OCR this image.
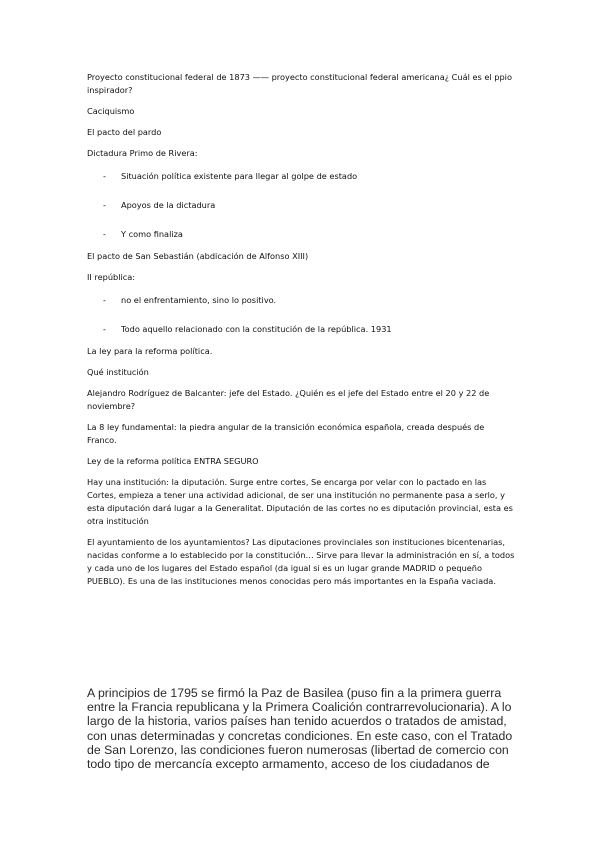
Proyecto constitucional federal de 1873 —— proyecto constitucional federal americana¿ Cuál es el ppio inspirador?

Caciquismo

El pacto del pardo

Dictadura Primo de Rivera:

- Situación política existente para llegar al golpe de estado
- Apoyos de la dictadura
- Y como finaliza

El pacto de San Sebastián (abdicación de Alfonso XIII)

II república:

- no el enfrentamiento, sino lo positivo.
- Todo aquello relacionado con la constitución de la república. 1931

La ley para la reforma política.

Qué institución

Alejandro Rodríguez de Balcanter: jefe del Estado. ¿Quién es el jefe del Estado entre el 20 y 22 de noviembre?

La 8 ley fundamental: la piedra angular de la transición económica española, creada después de Franco.

Ley de la reforma política ENTRA SEGURO

Hay una institución: la diputación. Surge entre cortes, Se encarga por velar con lo pactado en las Cortes, empieza a tener una actividad adicional, de ser una institución no permanente pasa a serlo, y esta diputación dará lugar a la Generalitat. Diputación de las cortes no es diputación provincial, esta es otra institución

El ayuntamiento de los ayuntamientos? Las diputaciones provinciales son instituciones bicentenarias, nacidas conforme a lo establecido por la constitución… Sirve para llevar la administración en sí, a todos y cada uno de los lugares del Estado español (da igual si es un lugar grande MADRID o pequeño PUEBLO). Es una de las instituciones menos conocidas pero más importantes en la España vaciada.

A principios de 1795 se firmó la Paz de Basilea (puso fin a la primera guerra entre la Francia republicana y la Primera Coalición contrarrevolucionaria). A lo largo de la historia, varios países han tenido acuerdos o tratados de amistad, con unas determinadas y concretas condiciones. En este caso, con el Tratado de San Lorenzo, las condiciones fueron numerosas (libertad de comercio con todo tipo de mercancía excepto armamento, acceso de los ciudadanos de
